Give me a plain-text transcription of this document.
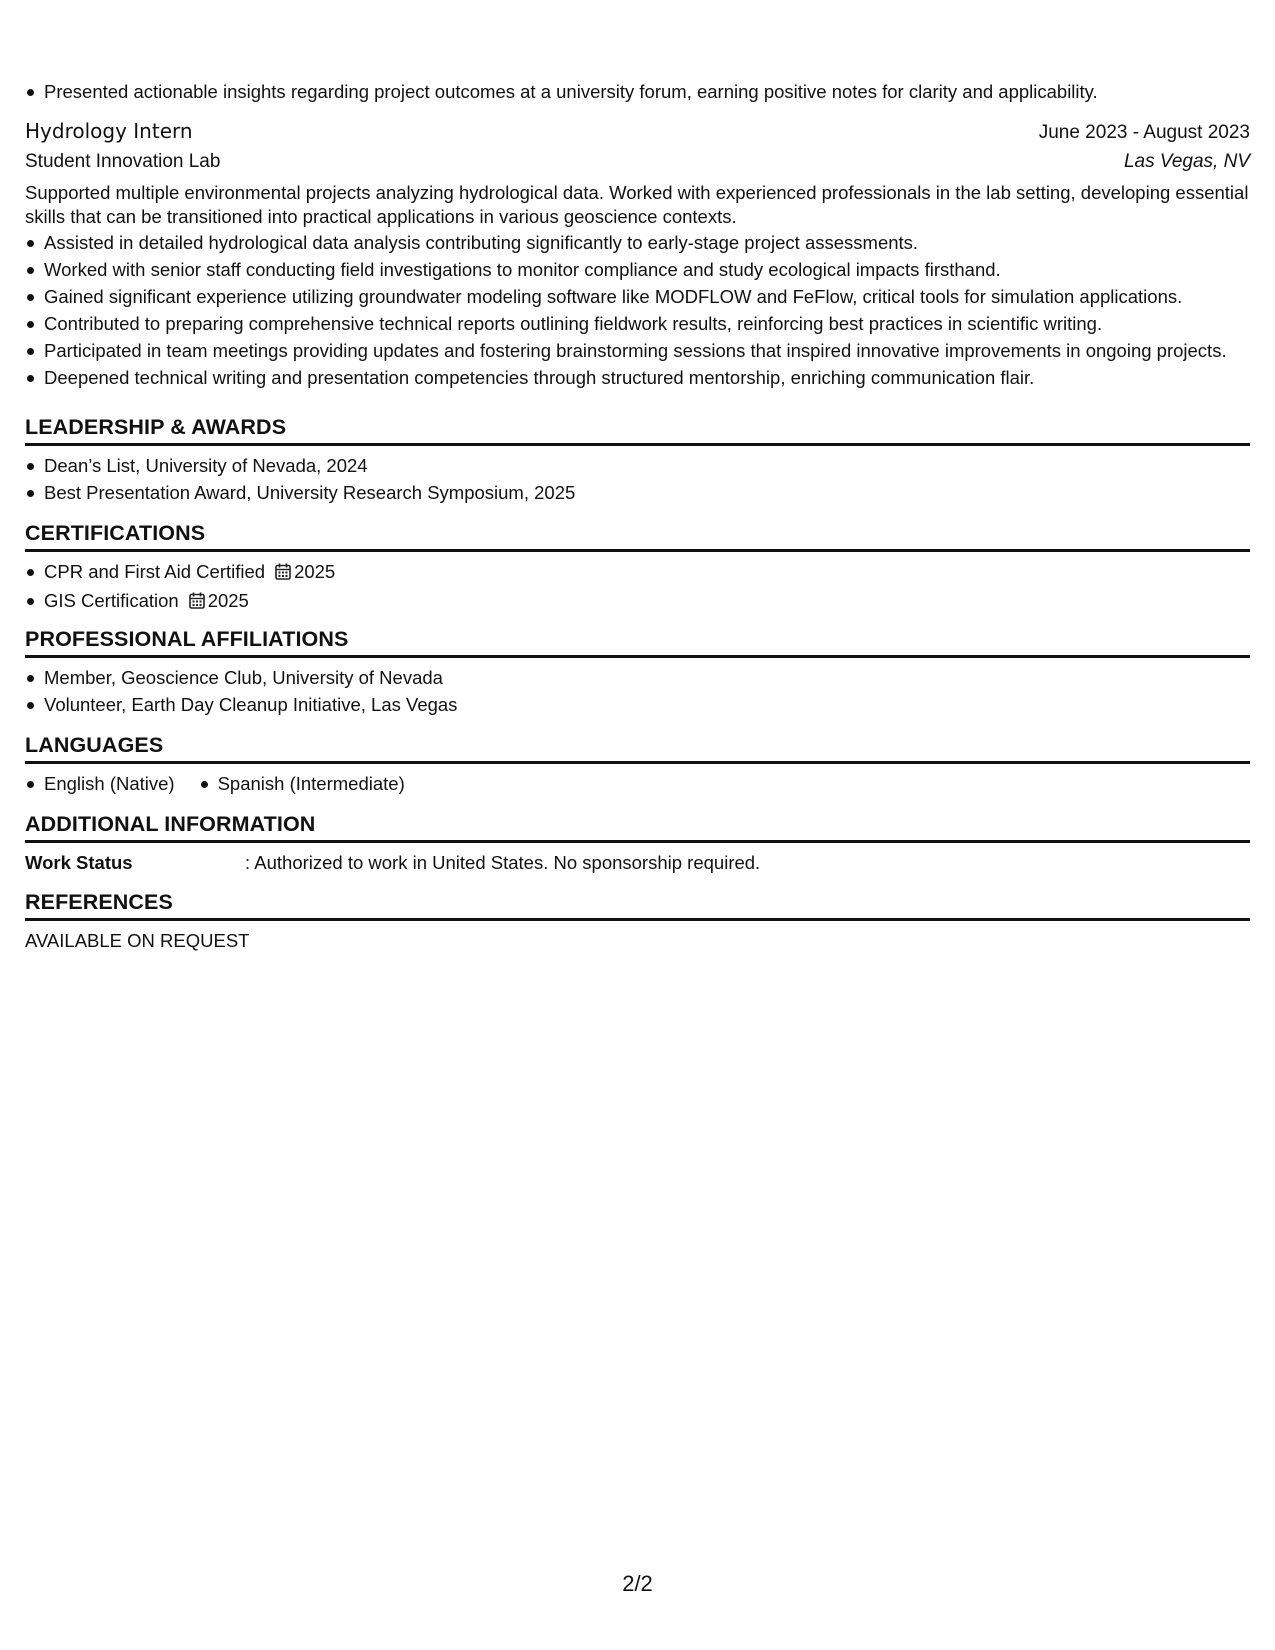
Presented actionable insights regarding project outcomes at a university forum, earning positive notes for clarity and applicability.
Hydrology Intern	June 2023 - August 2023
Student Innovation Lab	Las Vegas, NV
Supported multiple environmental projects analyzing hydrological data. Worked with experienced professionals in the lab setting, developing essential skills that can be transitioned into practical applications in various geoscience contexts.
Assisted in detailed hydrological data analysis contributing significantly to early-stage project assessments.
Worked with senior staff conducting field investigations to monitor compliance and study ecological impacts firsthand.
Gained significant experience utilizing groundwater modeling software like MODFLOW and FeFlow, critical tools for simulation applications.
Contributed to preparing comprehensive technical reports outlining fieldwork results, reinforcing best practices in scientific writing.
Participated in team meetings providing updates and fostering brainstorming sessions that inspired innovative improvements in ongoing projects.
Deepened technical writing and presentation competencies through structured mentorship, enriching communication flair.
LEADERSHIP & AWARDS
Dean’s List, University of Nevada, 2024
Best Presentation Award, University Research Symposium, 2025
CERTIFICATIONS
CPR and First Aid Certified 2025
GIS Certification 2025
PROFESSIONAL AFFILIATIONS
Member, Geoscience Club, University of Nevada
Volunteer, Earth Day Cleanup Initiative, Las Vegas
LANGUAGES
English (Native)	Spanish (Intermediate)
ADDITIONAL INFORMATION
Work Status	: Authorized to work in United States. No sponsorship required.
REFERENCES
AVAILABLE ON REQUEST
2/2
